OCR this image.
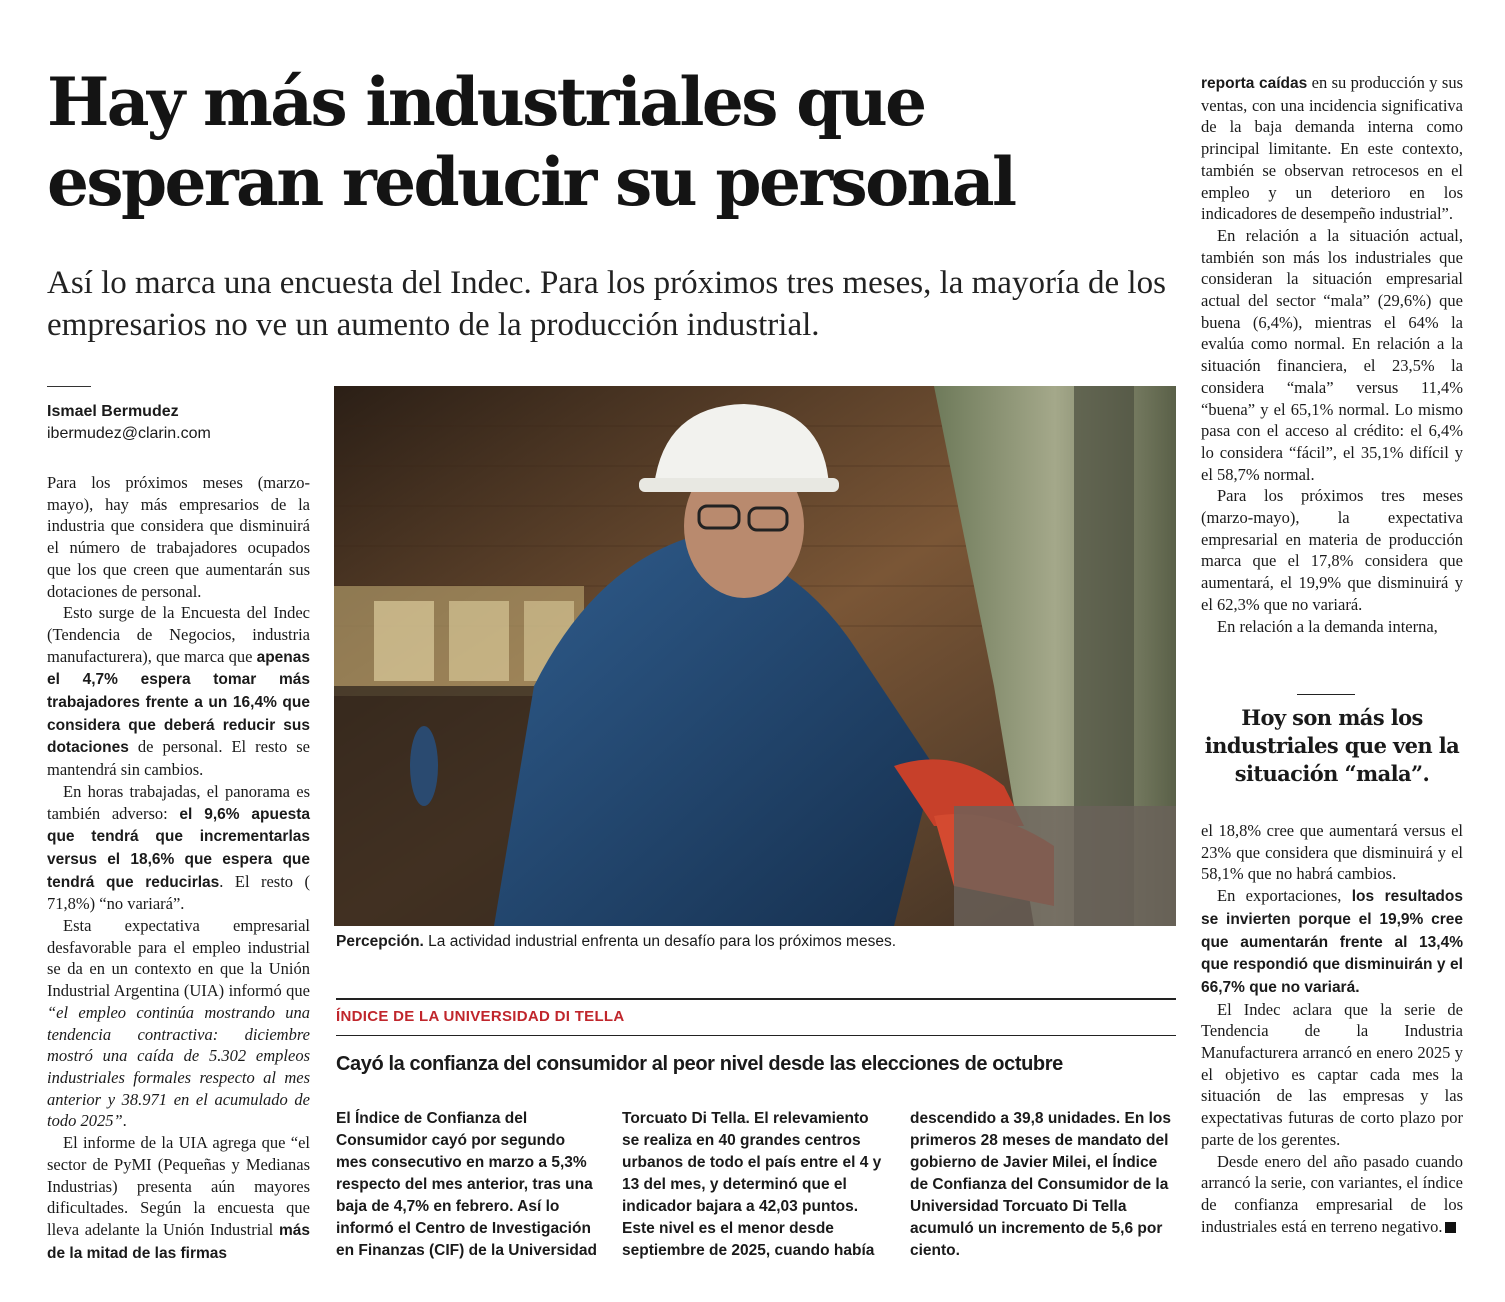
Hay más industriales que esperan reducir su personal
Así lo marca una encuesta del Indec. Para los próximos tres meses, la mayoría de los empresarios no ve un aumento de la producción industrial.
Ismael Bermudez
ibermudez@clarin.com

Para los próximos meses (marzo-mayo), hay más empresarios de la industria que considera que disminuirá el número de trabajadores ocupados que los que creen que aumentarán sus dotaciones de personal.

Esto surge de la Encuesta del Indec (Tendencia de Negocios, industria manufacturera), que marca que apenas el 4,7% espera tomar más trabajadores frente a un 16,4% que considera que deberá reducir sus dotaciones de personal. El resto se mantendrá sin cambios.

En horas trabajadas, el panorama es también adverso: el 9,6% apuesta que tendrá que incrementarlas versus el 18,6% que espera que tendrá que reducirlas. El resto ( 71,8%) “no variará”.

Esta expectativa empresarial desfavorable para el empleo industrial se da en un contexto en que la Unión Industrial Argentina (UIA) informó que “el empleo continúa mostrando una tendencia contractiva: diciembre mostró una caída de 5.302 empleos industriales formales respecto al mes anterior y 38.971 en el acumulado de todo 2025”.

El informe de la UIA agrega que “el sector de PyMI (Pequeñas y Medianas Industrias) presenta aún mayores dificultades. Según la encuesta que lleva adelante la Unión Industrial más de la mitad de las firmas

Percepción. La actividad industrial enfrenta un desafío para los próximos meses.
ÍNDICE DE LA UNIVERSIDAD DI TELLA
Cayó la confianza del consumidor al peor nivel desde las elecciones de octubre
El Índice de Confianza del Consumidor cayó por segundo mes consecutivo en marzo a 5,3% respecto del mes anterior, tras una baja de 4,7% en febrero. Así lo informó el Centro de Investigación en Finanzas (CIF) de la Universidad
Torcuato Di Tella. El relevamiento se realiza en 40 grandes centros urbanos de todo el país entre el 4 y 13 del mes, y determinó que el indicador bajara a 42,03 puntos. Este nivel es el menor desde septiembre de 2025, cuando había
descendido a 39,8 unidades. En los primeros 28 meses de mandato del gobierno de Javier Milei, el Índice de Confianza del Consumidor de la Universidad Torcuato Di Tella acumuló un incremento de 5,6 por ciento.

reporta caídas en su producción y sus ventas, con una incidencia significativa de la baja demanda interna como principal limitante. En este contexto, también se observan retrocesos en el empleo y un deterioro en los indicadores de desempeño industrial”.

En relación a la situación actual, también son más los industriales que consideran la situación empresarial actual del sector “mala” (29,6%) que buena (6,4%), mientras el 64% la evalúa como normal. En relación a la situación financiera, el 23,5% la considera “mala” versus 11,4% “buena” y el 65,1% normal. Lo mismo pasa con el acceso al crédito: el 6,4% lo considera “fácil”, el 35,1% difícil y el 58,7% normal.

Para los próximos tres meses (marzo-mayo), la expectativa empresarial en materia de producción marca que el 17,8% considera que aumentará, el 19,9% que disminuirá y el 62,3% que no variará.

En relación a la demanda interna,

Hoy son más los industriales que ven la situación “mala”.

el 18,8% cree que aumentará versus el 23% que considera que disminuirá y el 58,1% que no habrá cambios.

En exportaciones, los resultados se invierten porque el 19,9% cree que aumentarán frente al 13,4% que respondió que disminuirán y el 66,7% que no variará.

El Indec aclara que la serie de Tendencia de la Industria Manufacturera arrancó en enero 2025 y el objetivo es captar cada mes la situación de las empresas y las expectativas futuras de corto plazo por parte de los gerentes.

Desde enero del año pasado cuando arrancó la serie, con variantes, el índice de confianza empresarial de los industriales está en terreno negativo.
